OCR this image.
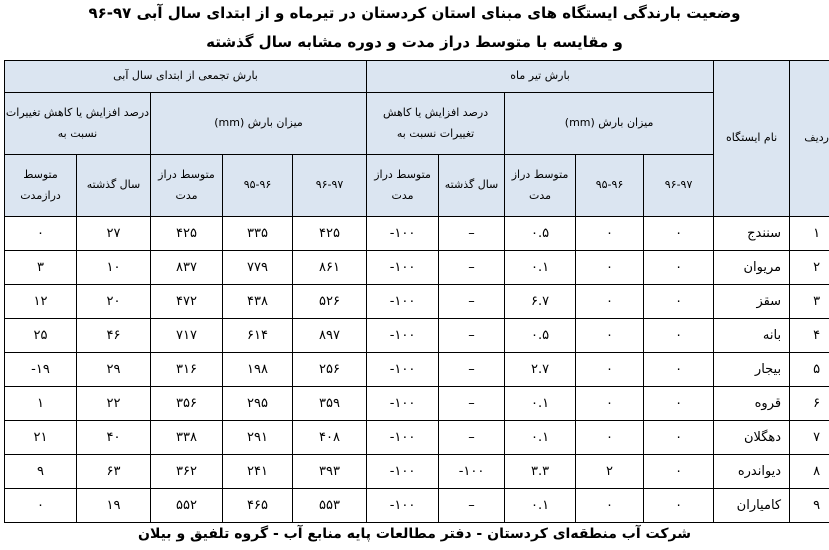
وضعیت بارندگی ایستگاه های مبنای استان کردستان در تیرماه و از ابتدای سال آبی ۹۷-۹۶
و مقایسه با متوسط دراز مدت و دوره مشابه سال گذشته
بارش تجمعی از ابتدای سال آبی					بارش تیر ماه					نام ایستگاه	ردیف
درصد افزایش یا کاهش تغییرات نسبت به		میزان بارش (mm)			درصد افزایش یا کاهش تغییرات نسبت به		میزان بارش (mm)				
متوسط درازمدت	سال گذشته	متوسط دراز مدت	۹۵-۹۶	۹۶-۹۷	متوسط دراز مدت	سال گذشته	متوسط دراز مدت	۹۵-۹۶	۹۶-۹۷		
۰	۲۷	۴۲۵	۳۳۵	۴۲۵	-۱۰۰	–	۰.۵	۰	۰	سنندج	۱
۳	۱۰	۸۳۷	۷۷۹	۸۶۱	-۱۰۰	–	۰.۱	۰	۰	مریوان	۲
۱۲	۲۰	۴۷۲	۴۳۸	۵۲۶	-۱۰۰	–	۶.۷	۰	۰	سقز	۳
۲۵	۴۶	۷۱۷	۶۱۴	۸۹۷	-۱۰۰	–	۰.۵	۰	۰	بانه	۴
-۱۹	۲۹	۳۱۶	۱۹۸	۲۵۶	-۱۰۰	–	۲.۷	۰	۰	بیجار	۵
۱	۲۲	۳۵۶	۲۹۵	۳۵۹	-۱۰۰	–	۰.۱	۰	۰	قروه	۶
۲۱	۴۰	۳۳۸	۲۹۱	۴۰۸	-۱۰۰	–	۰.۱	۰	۰	دهگلان	۷
۹	۶۳	۳۶۲	۲۴۱	۳۹۳	-۱۰۰	-۱۰۰	۳.۳	۲	۰	دیواندره	۸
۰	۱۹	۵۵۲	۴۶۵	۵۵۳	-۱۰۰	–	۰.۱	۰	۰	کامیاران	۹
شرکت آب منطقه‌ای کردستان - دفتر مطالعات پایه منابع آب - گروه تلفیق و بیلان
